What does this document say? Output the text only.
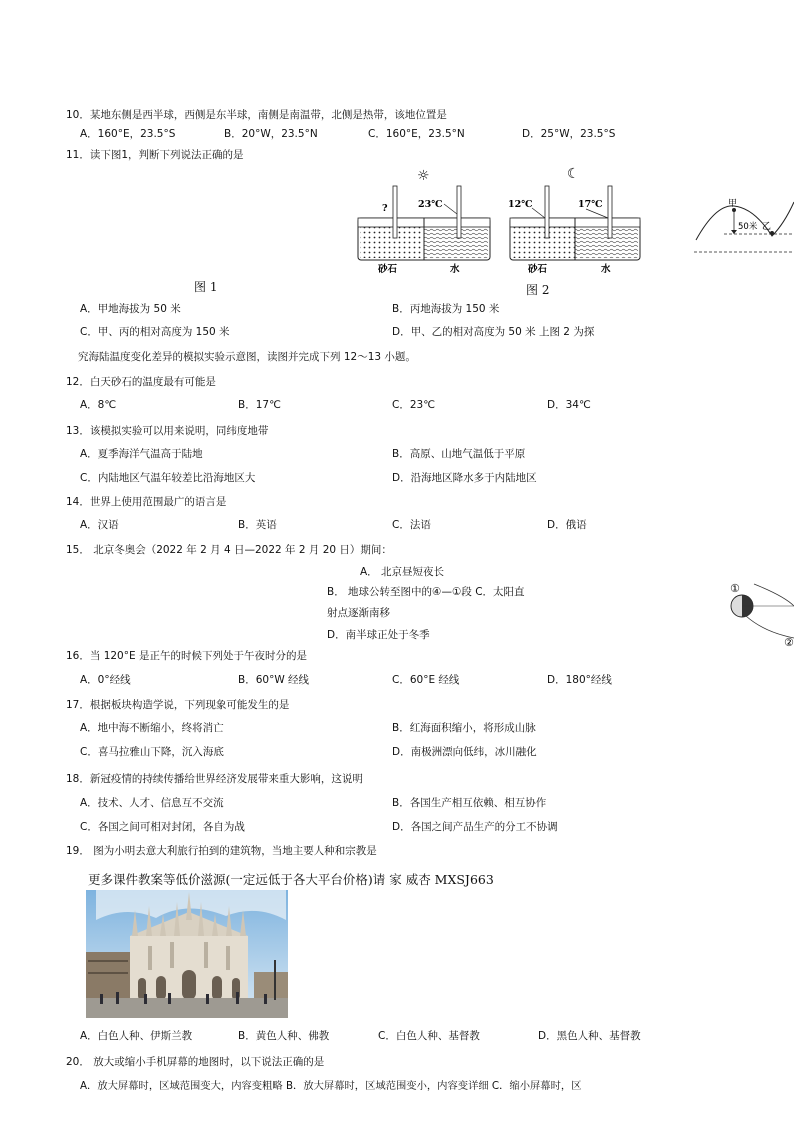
10．某地东侧是西半球，西侧是东半球，南侧是南温带，北侧是热带，该地位置是
A．160°E，23.5°S	B．20°W，23.5°N	C．160°E，23.5°N	D．25°W，23.5°S
11．读下图1，判断下列说法正确的是
☼	☾
?	23℃
砂石	水
12℃	17℃
砂石	水
甲
50米 乙
图 1	图 2
A．甲地海拔为 50 米	B．丙地海拔为 150 米
C．甲、丙的相对高度为 150 米	D．甲、乙的相对高度为 50 米 上图 2 为探
究海陆温度变化差异的模拟实验示意图，读图并完成下列 12～13 小题。
12．白天砂石的温度最有可能是
A．8℃	B．17℃	C．23℃	D．34℃
13．该模拟实验可以用来说明，同纬度地带
A．夏季海洋气温高于陆地	B．高原、山地气温低于平原
C．内陆地区气温年较差比沿海地区大	D．沿海地区降水多于内陆地区
14．世界上使用范围最广的语言是
A．汉语	B．英语	C．法语	D．俄语
15． 北京冬奥会（2022 年 2 月 4 日—2022 年 2 月 20 日）期间：
A． 北京昼短夜长
B． 地球公转至图中的④—①段 C．太阳直
射点逐渐南移
D．南半球正处于冬季
①
②
16．当 120°E 是正午的时候下列处于午夜时分的是
A．0°经线	B．60°W 经线	C．60°E 经线	D．180°经线
17．根据板块构造学说，下列现象可能发生的是
A．地中海不断缩小，终将消亡	B．红海面积缩小，将形成山脉
C．喜马拉雅山下降，沉入海底	D．南极洲漂向低纬，冰川融化
18．新冠疫情的持续传播给世界经济发展带来重大影响，这说明
A．技术、人才、信息互不交流	B．各国生产相互依赖、相互协作
C．各国之间可相对封闭，各自为战	D．各国之间产品生产的分工不协调
19． 图为小明去意大利旅行拍到的建筑物，当地主要人种和宗教是
更多课件教案等低价滋源(一定远低于各大平台价格)请 家 威杏 MXSJ663
A．白色人种、伊斯兰教	B．黄色人种、佛教	C．白色人种、基督教	D．黑色人种、基督教
20． 放大或缩小手机屏幕的地图时，以下说法正确的是
A．放大屏幕时，区域范围变大，内容变粗略 B．放大屏幕时，区域范围变小，内容变详细 C．缩小屏幕时，区
